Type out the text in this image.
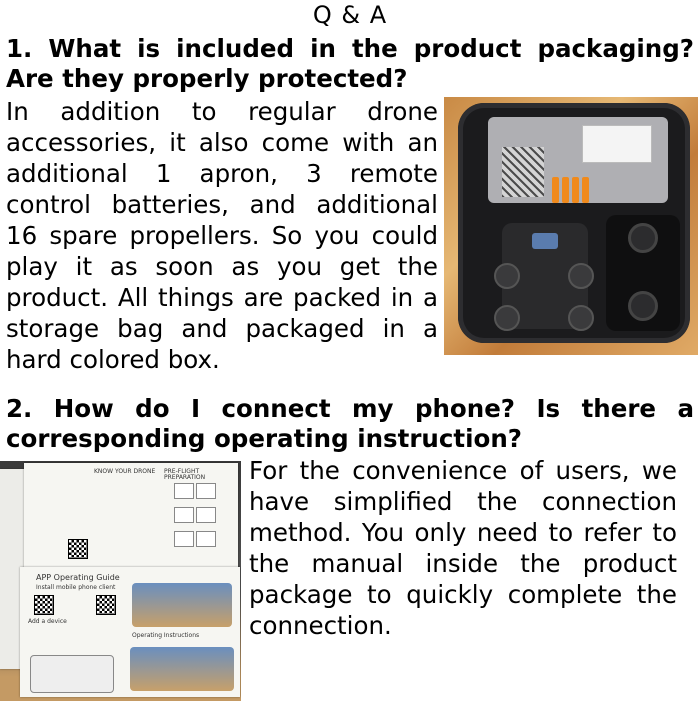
Q & A
1. What is included in the product packaging? Are they properly protected?
In addition to regular drone accessories, it also come with an additional 1 apron, 3 remote control batteries, and additional 16 spare propellers. So you could play it as soon as you get the product. All things are packed in a storage bag and packaged in a hard colored box.
2. How do I connect my phone? Is there a corresponding operating instruction?
KNOW YOUR DRONE PRE-FLIGHT PREPARATION
APP Operating Guide
Install mobile phone client
Add a device
Operating Instructions
For the convenience of users, we have simplified the connection method. You only need to refer to the manual inside the product package to quickly complete the connection.
